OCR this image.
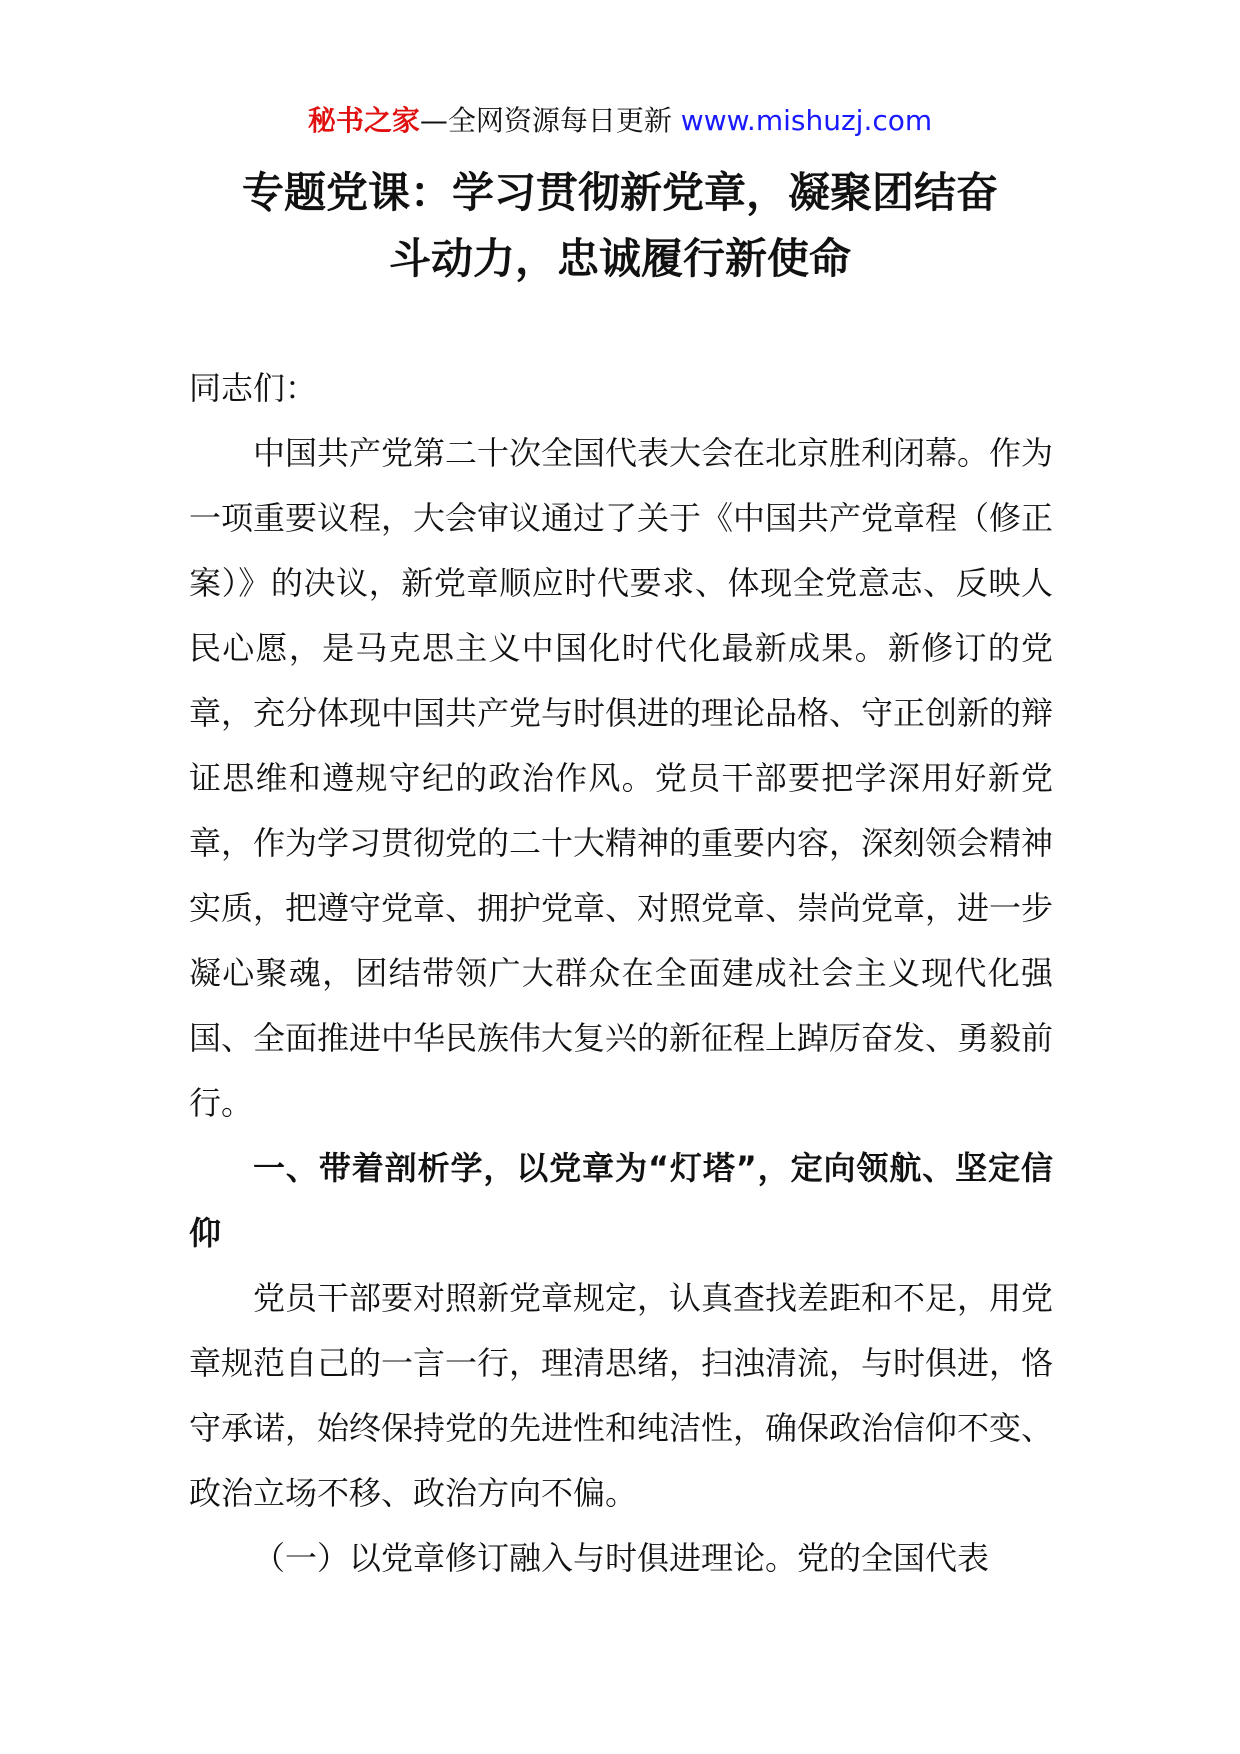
秘书之家—全网资源每日更新 www.mishuzj.com
专题党课：学习贯彻新党章，凝聚团结奋
斗动力，忠诚履行新使命

同志们：

中国共产党第二十次全国代表大会在北京胜利闭幕。作为一项重要议程，大会审议通过了关于《中国共产党章程（修正案）》的决议，新党章顺应时代要求、体现全党意志、反映人民心愿，是马克思主义中国化时代化最新成果。新修订的党章，充分体现中国共产党与时俱进的理论品格、守正创新的辩证思维和遵规守纪的政治作风。党员干部要把学深用好新党章，作为学习贯彻党的二十大精神的重要内容，深刻领会精神实质，把遵守党章、拥护党章、对照党章、崇尚党章，进一步凝心聚魂，团结带领广大群众在全面建成社会主义现代化强国、全面推进中华民族伟大复兴的新征程上踔厉奋发、勇毅前行。

一、带着剖析学，以党章为“灯塔”，定向领航、坚定信仰

党员干部要对照新党章规定，认真查找差距和不足，用党章规范自己的一言一行，理清思绪，扫浊清流，与时俱进，恪守承诺，始终保持党的先进性和纯洁性，确保政治信仰不变、政治立场不移、政治方向不偏。

（一）以党章修订融入与时俱进理论。党的全国代表
